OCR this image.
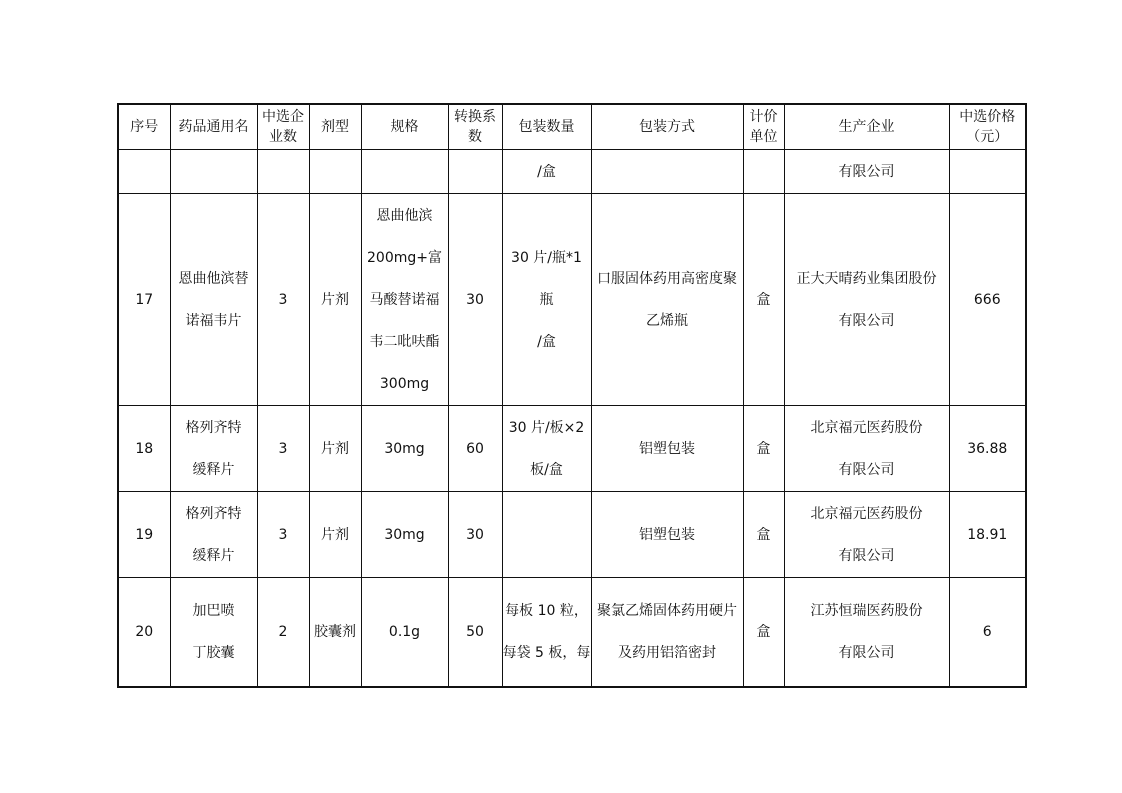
序号	药品通用名	中选企
业数	剂型	规格	转换系
数	包装数量	包装方式	计价
单位	生产企业	中选价格
（元）

						/盒			有限公司	

17	恩曲他滨替
诺福韦片	3	片剂	恩曲他滨
200mg+富
马酸替诺福
韦二吡呋酯
300mg	30	30 片/瓶*1 瓶
/盒	口服固体药用高密度聚
乙烯瓶	盒	正大天晴药业集团股份
有限公司	666

18	格列齐特
缓释片	3	片剂	30mg	60	30 片/板×2
板/盒	铝塑包装	盒	北京福元医药股份
有限公司	36.88

19	格列齐特
缓释片	3	片剂	30mg	30		铝塑包装	盒	北京福元医药股份
有限公司	18.91

20	加巴喷
丁胶囊	2	胶囊剂	0.1g	50	每板 10 粒，
每袋 5 板，每	聚氯乙烯固体药用硬片
及药用铝箔密封	盒	江苏恒瑞医药股份
有限公司	6
